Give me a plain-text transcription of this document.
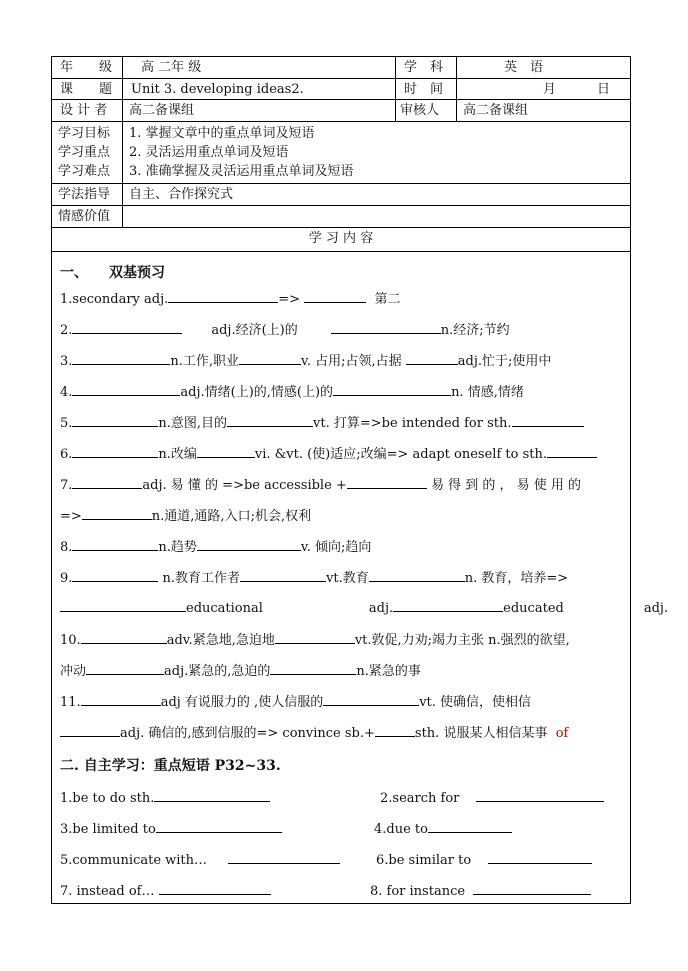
年　　级	高 二年 级	学　科	英　语
课　　题	Unit 3. developing ideas2.	时　间	月	日
设 计 者	高二备课组	审核人	高二备课组
学习目标
学习重点
学习难点
1. 掌握文章中的重点单词及短语
2. 灵活运用重点单词及短语
3. 准确掌握及灵活运用重点单词及短语
学法指导	自主、合作探究式
情感价值
学 习 内 容
一、　　双基预习
1.secondary adj.	=>	第二
2.	adj.经济(上)的	n.经济;节约
3.	n.工作,职业	v. 占用;占领,占据	adj.忙于;使用中
4.	adj.情绪(上)的,情感(上)的	n. 情感,情绪
5.	n.意图,目的	vt. 打算=>be intended for sth.
6.	n.改编	vi. &vt. (使)适应;改编=> adapt oneself to sth.
7.	adj. 易 懂 的 =>be accessible +	易 得 到 的 ， 易 使 用 的
=>	n.通道,通路,入口;机会,权利
8.	n.趋势	v. 倾向;趋向
9.	n.教育工作者	vt.教育	n. 教育，培养=>
educational	adj.	educated	adj.
10.	adv.紧急地,急迫地	vt.敦促,力劝;竭力主张 n.强烈的欲望,
冲动	adj.紧急的,急迫的	n.紧急的事
11.	adj 有说服力的 ,使人信服的	vt. 使确信，使相信
adj. 确信的,感到信服的=> convince sb.+	sth. 说服某人相信某事 of
二. 自主学习：重点短语 P32~33.
1.be to do sth.	2.search for
3.be limited to	4.due to
5.communicate with…	6.be similar to
7. instead of…	8. for instance
